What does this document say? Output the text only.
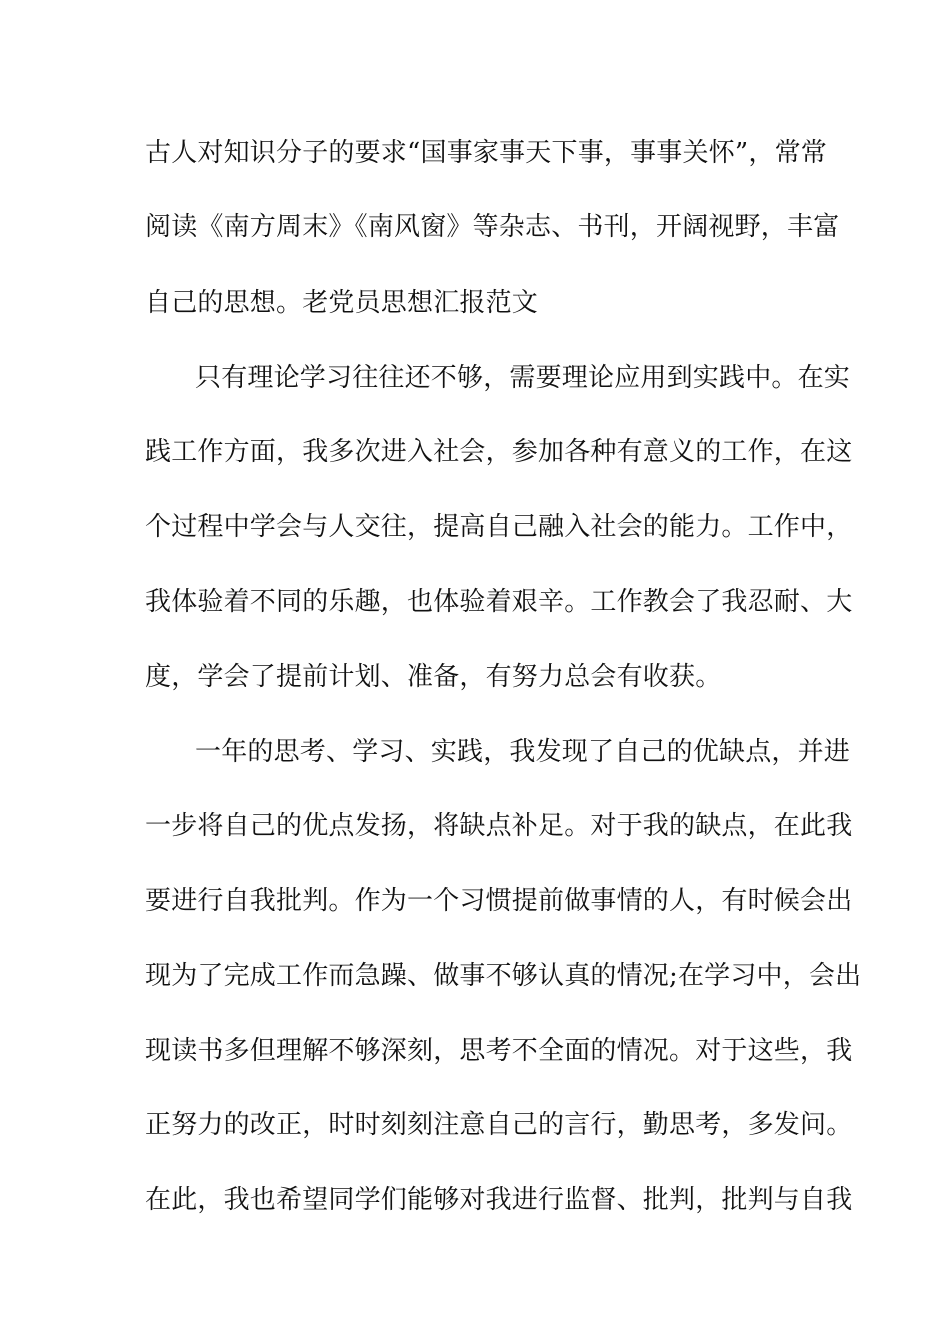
古人对知识分子的要求“国事家事天下事，事事关怀”，常常
阅读《南方周末》《南风窗》等杂志、书刊，开阔视野，丰富
自己的思想。老党员思想汇报范文
只有理论学习往往还不够，需要理论应用到实践中。在实
践工作方面，我多次进入社会，参加各种有意义的工作，在这
个过程中学会与人交往，提高自己融入社会的能力。工作中，
我体验着不同的乐趣，也体验着艰辛。工作教会了我忍耐、大
度，学会了提前计划、准备，有努力总会有收获。
一年的思考、学习、实践，我发现了自己的优缺点，并进
一步将自己的优点发扬，将缺点补足。对于我的缺点，在此我
要进行自我批判。作为一个习惯提前做事情的人，有时候会出
现为了完成工作而急躁、做事不够认真的情况;在学习中，会出
现读书多但理解不够深刻，思考不全面的情况。对于这些，我
正努力的改正，时时刻刻注意自己的言行，勤思考，多发问。
在此，我也希望同学们能够对我进行监督、批判，批判与自我
